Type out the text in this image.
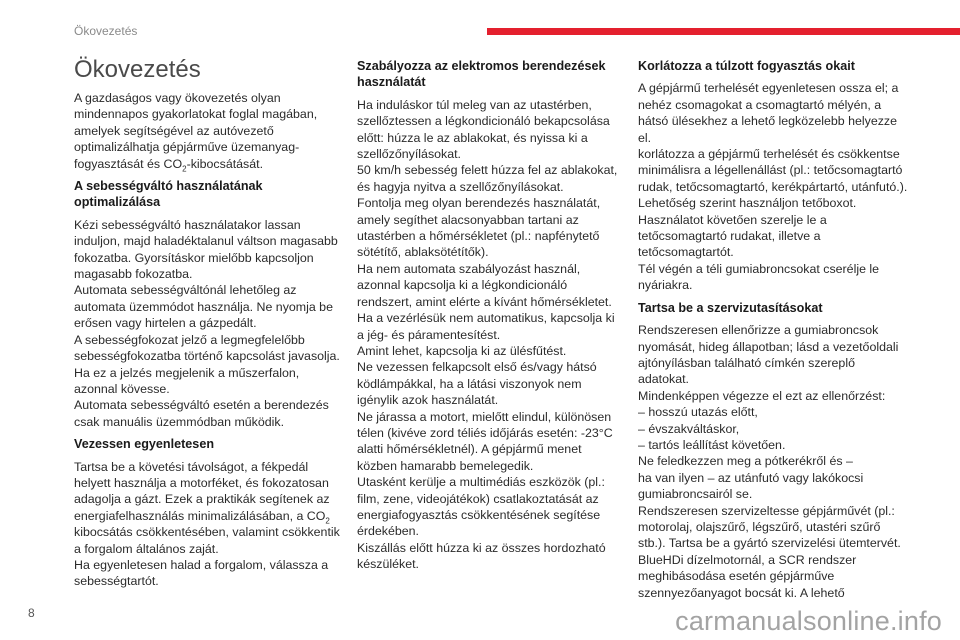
Ökovezetés
Ökovezetés

A gazdaságos vagy ökovezetés olyan mindennapos gyakorlatokat foglal magában, amelyek segítségével az autóvezető optimalizálhatja gépjárműve üzemanyag-fogyasztását és $CO_2$-kibocsátását.

A sebességváltó használatának optimalizálása

Kézi sebességváltó használatakor lassan induljon, majd haladéktalanul váltson magasabb fokozatba. Gyorsításkor mielőbb kapcsoljon magasabb fokozatba.
Automata sebességváltónál lehetőleg az automata üzemmódot használja. Ne nyomja be erősen vagy hirtelen a gázpedált.
A sebességfokozat jelző a legmegfelelőbb sebességfokozatba történő kapcsolást javasolja. Ha ez a jelzés megjelenik a műszerfalon, azonnal kövesse.
Automata sebességváltó esetén a berendezés csak manuális üzemmódban működik.

Vezessen egyenletesen

Tartsa be a követési távolságot, a fékpedál helyett használja a motorféket, és fokozatosan adagolja a gázt. Ezek a praktikák segítenek az energiafelhasználás minimalizálásában, a $CO_2$ kibocsátás csökkentésében, valamint csökkentik a forgalom általános zaját.
Ha egyenletesen halad a forgalom, válassza a sebességtartót.

Szabályozza az elektromos berendezések használatát

Ha induláskor túl meleg van az utastérben, szellőztessen a légkondicionáló bekapcsolása előtt: húzza le az ablakokat, és nyissa ki a szellőzőnyílásokat.
50 km/h sebesség felett húzza fel az ablakokat, és hagyja nyitva a szellőzőnyílásokat.
Fontolja meg olyan berendezés használatát, amely segíthet alacsonyabban tartani az utastérben a hőmérsékletet (pl.: napfénytető sötétítő, ablaksötétítők).
Ha nem automata szabályozást használ, azonnal kapcsolja ki a légkondicionáló rendszert, amint elérte a kívánt hőmérsékletet.
Ha a vezérlésük nem automatikus, kapcsolja ki a jég- és páramentesítést.
Amint lehet, kapcsolja ki az ülésfűtést.
Ne vezessen felkapcsolt első és/vagy hátsó ködlámpákkal, ha a látási viszonyok nem igénylik azok használatát.
Ne járassa a motort, mielőtt elindul, különösen télen (kivéve zord téliés időjárás esetén: -23°C alatti hőmérsékletnél). A gépjármű menet közben hamarabb bemelegedik.
Utasként kerülje a multimédiás eszközök (pl.: film, zene, videojátékok) csatlakoztatását az energiafogyasztás csökkentésének segítése érdekében.
Kiszállás előtt húzza ki az összes hordozható készüléket.

Korlátozza a túlzott fogyasztás okait

A gépjármű terhelését egyenletesen ossza el; a nehéz csomagokat a csomagtartó mélyén, a hátsó ülésekhez a lehető legközelebb helyezze el.
korlátozza a gépjármű terhelését és csökkentse minimálisra a légellenállást (pl.: tetőcsomagtartó rudak, tetőcsomagtartó, kerékpártartó, utánfutó.). Lehetőség szerint használjon tetőboxot.
Használatot követően szerelje le a tetőcsomagtartó rudakat, illetve a tetőcsomagtartót.
Tél végén a téli gumiabroncsokat cserélje le nyáriakra.

Tartsa be a szervizutasításokat

Rendszeresen ellenőrizze a gumiabroncsok nyomását, hideg állapotban; lásd a vezetőoldali ajtónyílásban található címkén szereplő adatokat.
Mindenképpen végezze el ezt az ellenőrzést:
– hosszú utazás előtt,
– évszakváltáskor,
– tartós leállítást követően.
Ne feledkezzen meg a pótkerékről és –
ha van ilyen – az utánfutó vagy lakókocsi gumiabroncsairól se.
Rendszeresen szervizeltesse gépjárművét (pl.: motorolaj, olajszűrő, légszűrő, utastéri szűrő stb.). Tartsa be a gyártó szervizelési ütemtervét.
BlueHDi dízelmotornál, a SCR rendszer meghibásodása esetén gépjárműve szennyezőanyagot bocsát ki. A lehető

8	carmanualsonline.info
